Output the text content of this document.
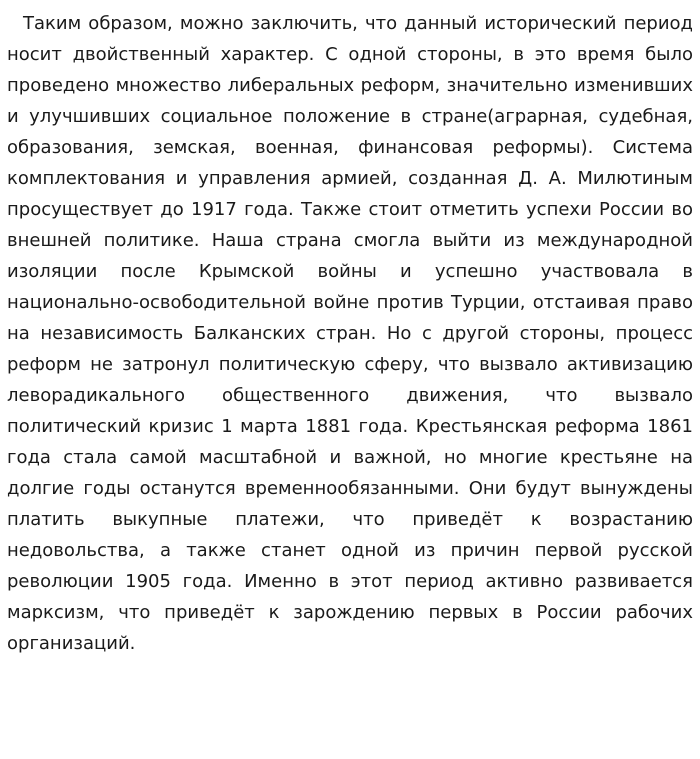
Таким образом, можно заключить, что данный исторический период носит двойственный характер. С одной стороны, в это время было проведено множество либеральных реформ, значительно изменивших и улучшивших социальное положение в стране(аграрная, судебная, образования, земская, военная, финансовая реформы). Система комплектования и управления армией, созданная Д. А. Милютиным просуществует до 1917 года. Также стоит отметить успехи России во внешней политике. Наша страна смогла выйти из международной изоляции после Крымской войны и успешно участвовала в национально-освободительной войне против Турции, отстаивая право на независимость Балканских стран. Но с другой стороны, процесс реформ не затронул политическую сферу, что вызвало активизацию леворадикального общественного движения, что вызвало политический кризис 1 марта 1881 года. Крестьянская реформа 1861 года стала самой масштабной и важной, но многие крестьяне на долгие годы останутся временнообязанными. Они будут вынуждены платить выкупные платежи, что приведёт к возрастанию недовольства, а также станет одной из причин первой русской революции 1905 года. Именно в этот период активно развивается марксизм, что приведёт к зарождению первых в России рабочих организаций.
